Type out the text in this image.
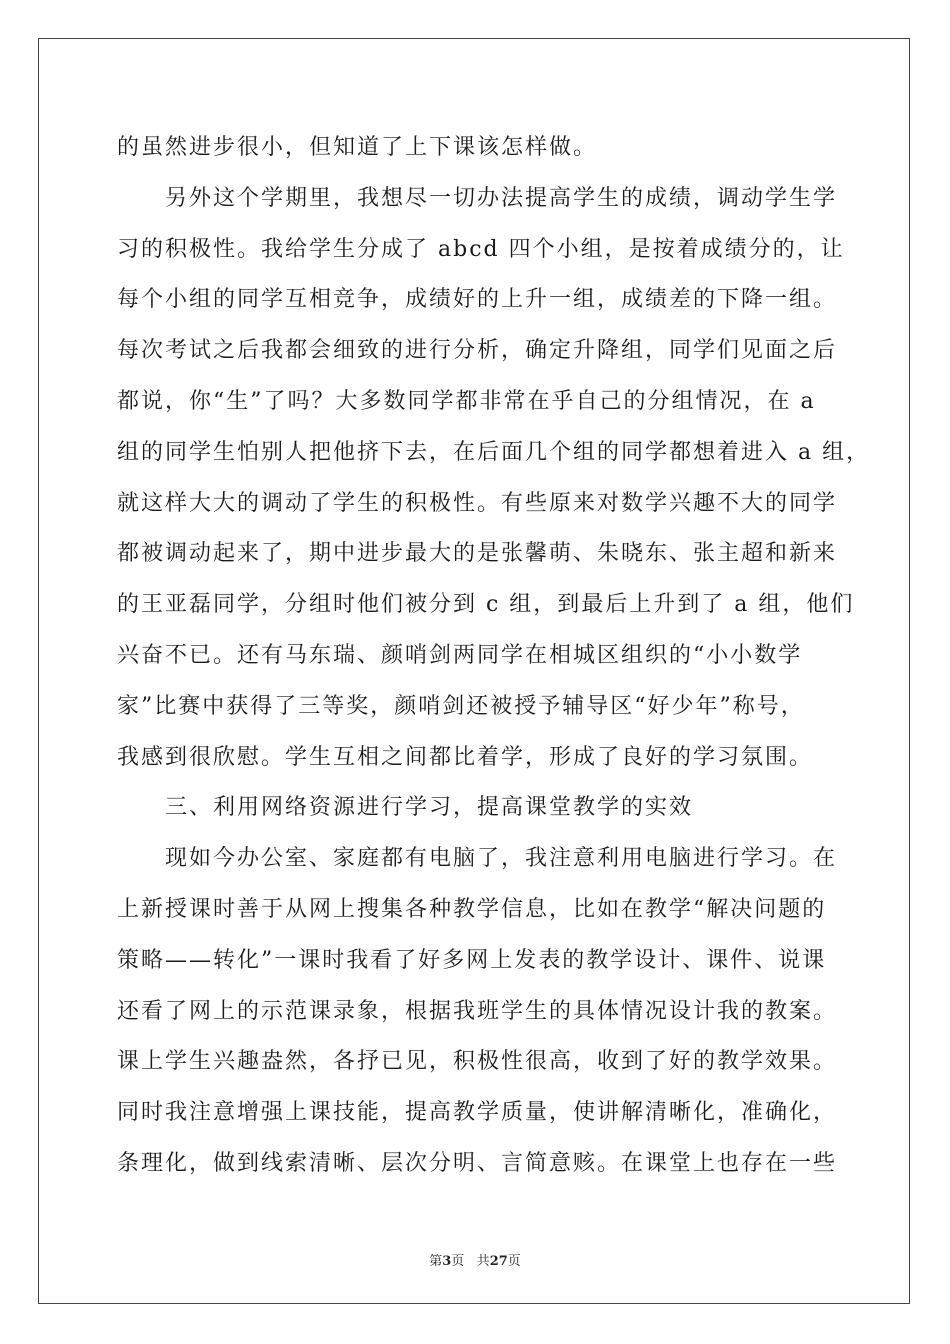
的虽然进步很小，但知道了上下课该怎样做。
另外这个学期里，我想尽一切办法提高学生的成绩，调动学生学
习的积极性。我给学生分成了 abcd 四个小组，是按着成绩分的，让
每个小组的同学互相竞争，成绩好的上升一组，成绩差的下降一组。
每次考试之后我都会细致的进行分析，确定升降组，同学们见面之后
都说，你“生”了吗？大多数同学都非常在乎自己的分组情况，在 a
组的同学生怕别人把他挤下去，在后面几个组的同学都想着进入 a 组，
就这样大大的调动了学生的积极性。有些原来对数学兴趣不大的同学
都被调动起来了，期中进步最大的是张馨萌、朱晓东、张主超和新来
的王亚磊同学，分组时他们被分到 c 组，到最后上升到了 a 组，他们
兴奋不已。还有马东瑞、颜哨剑两同学在相城区组织的“小小数学
家”比赛中获得了三等奖，颜哨剑还被授予辅导区“好少年”称号，
我感到很欣慰。学生互相之间都比着学，形成了良好的学习氛围。
三、利用网络资源进行学习，提高课堂教学的实效
现如今办公室、家庭都有电脑了，我注意利用电脑进行学习。在
上新授课时善于从网上搜集各种教学信息，比如在教学“解决问题的
策略——转化”一课时我看了好多网上发表的教学设计、课件、说课
还看了网上的示范课录象，根据我班学生的具体情况设计我的教案。
课上学生兴趣盎然，各抒已见，积极性很高，收到了好的教学效果。
同时我注意增强上课技能，提高教学质量，使讲解清晰化，准确化，
条理化，做到线索清晰、层次分明、言简意赅。在课堂上也存在一些
第3页 共27页
